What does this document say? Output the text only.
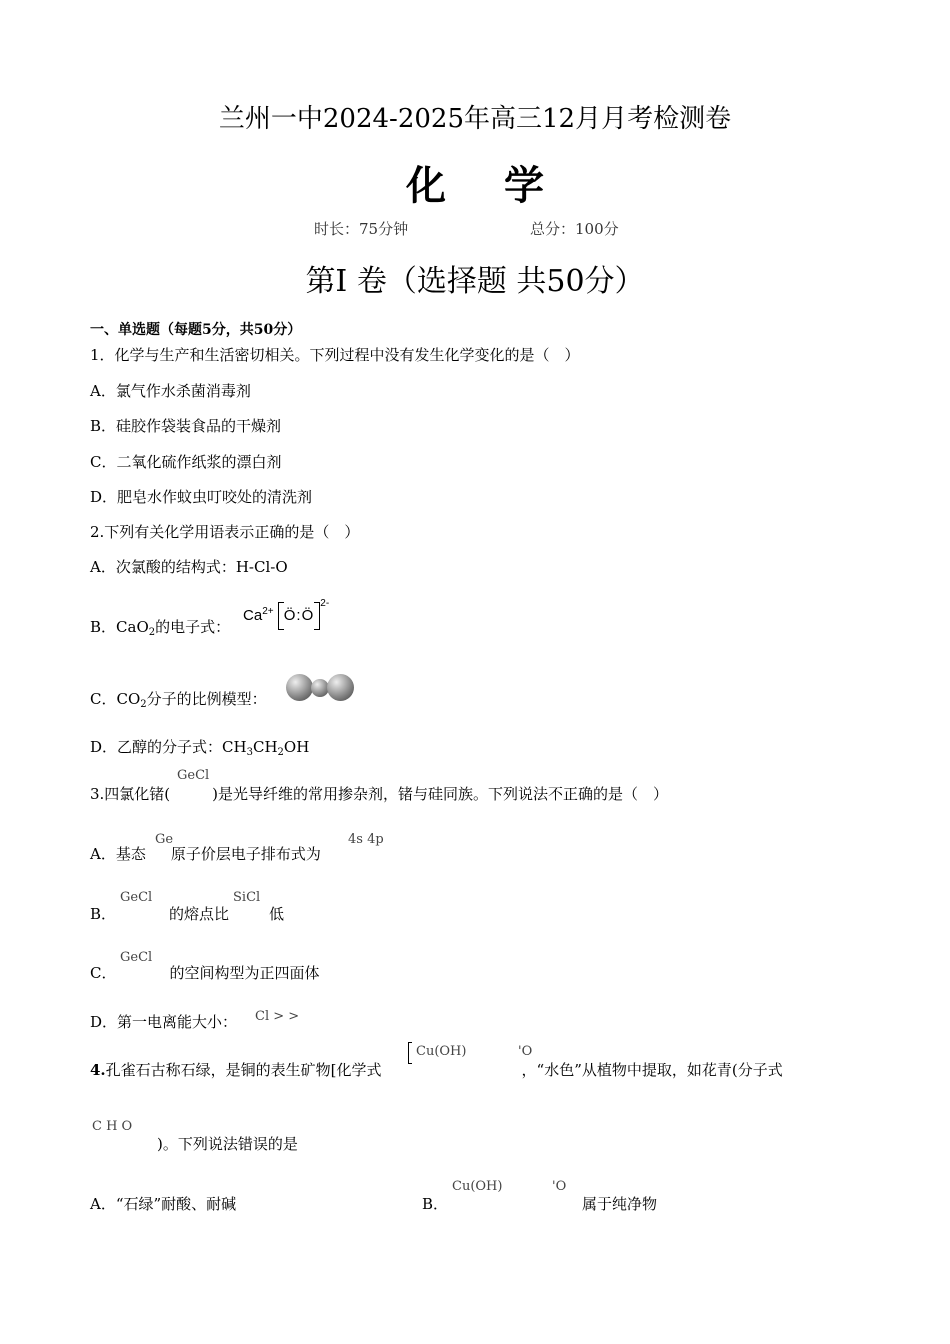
兰州一中2024-2025年高三12月月考检测卷
化学
时长：75分钟	总分：100分
第I 卷（选择题 共50分）
一、单选题（每题5分，共50分）
1．化学与生产和生活密切相关。下列过程中没有发生化学变化的是（　）
A．氯气作水杀菌消毒剂
B．硅胶作袋装食品的干燥剂
C．二氧化硫作纸浆的漂白剂
D．肥皂水作蚊虫叮咬处的清洗剂
2.下列有关化学用语表示正确的是（　）
A．次氯酸的结构式：H-Cl-O
B．CaO$_2$的电子式：
$Ca^{2+}$ $Ö:Ö^{2-}$
C．$CO_2$分子的比例模型：
D．乙醇的分子式：$CH_3CH_2OH$
3.四氯化锗(	)是光导纤维的常用掺杂剂，锗与硅同族。下列说法不正确的是（　）
GeCl
A．基态 原子价层电子排布式为
Ge	4s 4p
B．	的熔点比	低
GeCl	SiCl
C．	的空间构型为正四面体
GeCl
D．第一电离能大小： Cl > >
4.孔雀石古称石绿，是铜的表生矿物[化学式	，“水色”从植物中提取，如花青(分子式
Cu(OH)	'O
C H O
)。下列说法错误的是
A．“石绿”耐酸、耐碱	B．	属于纯净物
Cu(OH)	'O
